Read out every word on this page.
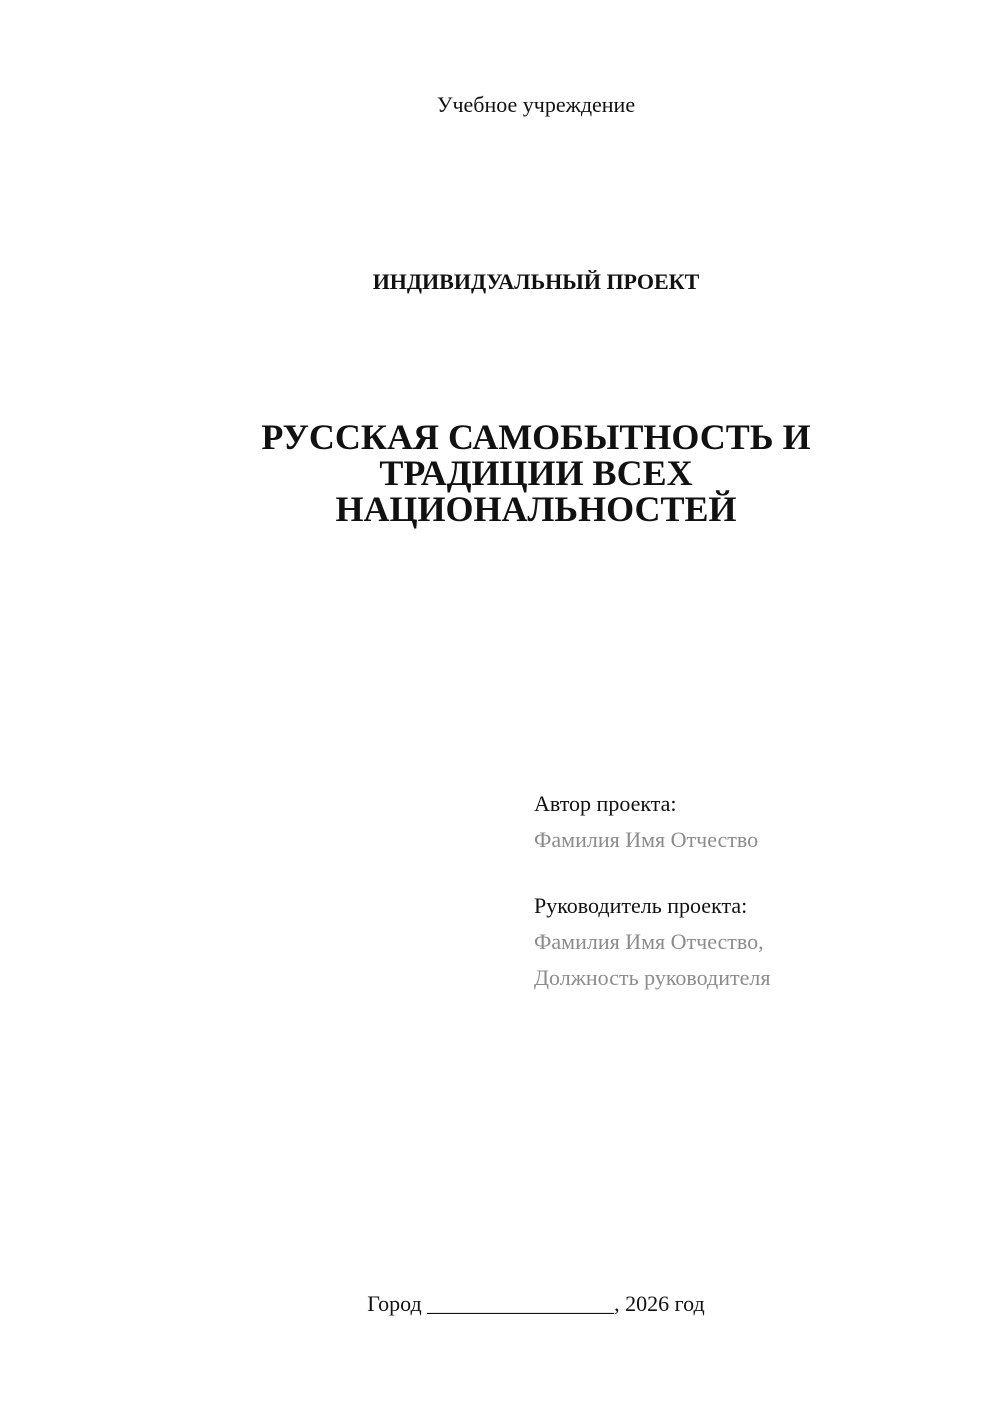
Учебное учреждение
ИНДИВИДУАЛЬНЫЙ ПРОЕКТ
РУССКАЯ САМОБЫТНОСТЬ И
ТРАДИЦИИ ВСЕХ
НАЦИОНАЛЬНОСТЕЙ
Автор проекта:
Фамилия Имя Отчество
Руководитель проекта:
Фамилия Имя Отчество,
Должность руководителя
Город _________________, 2026 год
